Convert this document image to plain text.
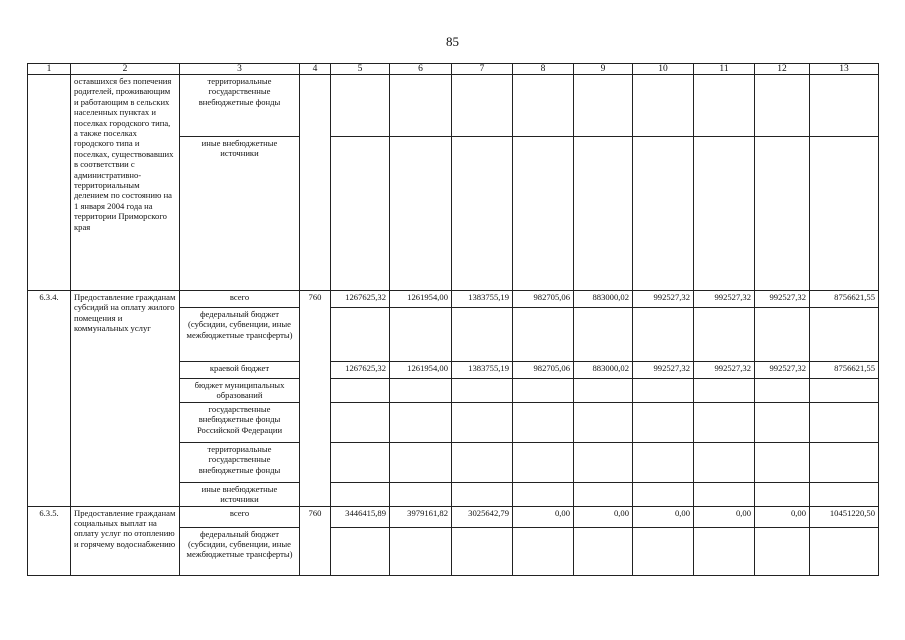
85
1	2	3	4	5	6	7	8	9	10	11	12	13
	оставшихся без попечения родителей, проживающим и работающим в сельских населенных пунктах и поселках городского типа, а также поселках городского типа и поселках, существовавших в соответствии с административно-территориальным делением по состоянию на 1 января 2004 года на территории Приморского края	территориальные государственные внебюджетные фонды										
		иные внебюджетные источники										
6.3.4.	Предоставление гражданам субсидий на оплату жилого помещения и коммунальных услуг	всего	760	1267625,32	1261954,00	1383755,19	982705,06	883000,02	992527,32	992527,32	992527,32	8756621,55
		федеральный бюджет (субсидии, субвенции, иные межбюджетные трансферты)										
		краевой бюджет		1267625,32	1261954,00	1383755,19	982705,06	883000,02	992527,32	992527,32	992527,32	8756621,55
		бюджет муниципальных образований										
		государственные внебюджетные фонды Российской Федерации										
		территориальные государственные внебюджетные фонды										
		иные внебюджетные источники										
6.3.5.	Предоставление гражданам социальных выплат на оплату услуг по отоплению и горячему водоснабжению	всего	760	3446415,89	3979161,82	3025642,79	0,00	0,00	0,00	0,00	0,00	10451220,50
		федеральный бюджет (субсидии, субвенции, иные межбюджетные трансферты)										
